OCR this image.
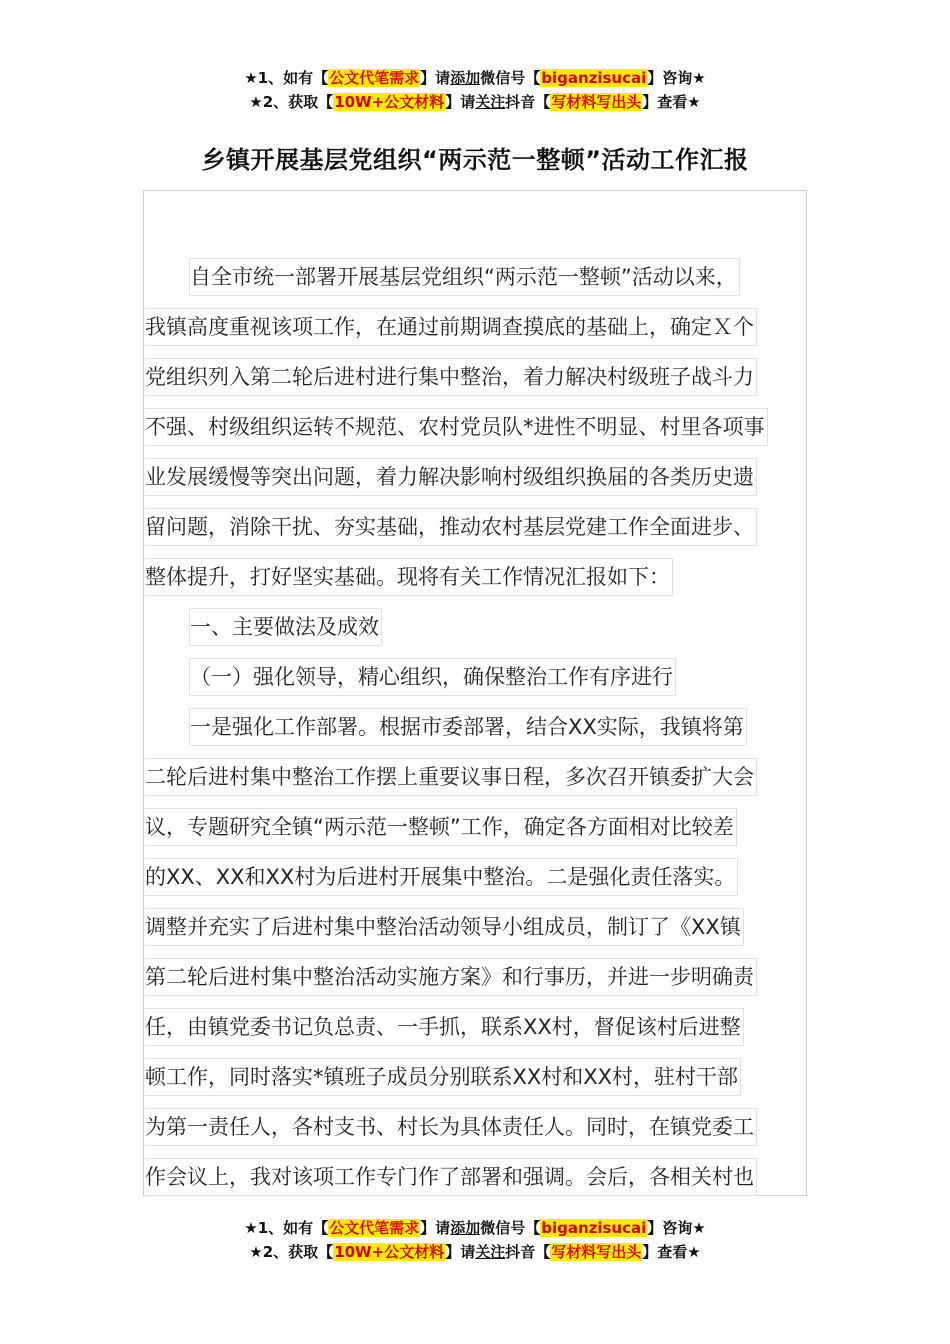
★1、如有【公文代笔需求】请添加微信号【biganzisucai】咨询★
★2、获取【10W+公文材料】请关注抖音【写材料写出头】查看★
乡镇开展基层党组织“两示范一整顿”活动工作汇报
自全市统一部署开展基层党组织“两示范一整顿”活动以来，
我镇高度重视该项工作，在通过前期调查摸底的基础上，确定Ｘ个
党组织列入第二轮后进村进行集中整治，着力解决村级班子战斗力
不强、村级组织运转不规范、农村党员队*进性不明显、村里各项事
业发展缓慢等突出问题，着力解决影响村级组织换届的各类历史遗
留问题，消除干扰、夯实基础，推动农村基层党建工作全面进步、
整体提升，打好坚实基础。现将有关工作情况汇报如下：
一、主要做法及成效
（一）强化领导，精心组织，确保整治工作有序进行
一是强化工作部署。根据市委部署，结合XX实际，我镇将第
二轮后进村集中整治工作摆上重要议事日程，多次召开镇委扩大会
议，专题研究全镇“两示范一整顿”工作，确定各方面相对比较差
的XX、XX和XX村为后进村开展集中整治。二是强化责任落实。
调整并充实了后进村集中整治活动领导小组成员，制订了《XX镇
第二轮后进村集中整治活动实施方案》和行事历，并进一步明确责
任，由镇党委书记负总责、一手抓，联系XX村，督促该村后进整
顿工作，同时落实*镇班子成员分别联系XX村和XX村，驻村干部
为第一责任人，各村支书、村长为具体责任人。同时，在镇党委工
作会议上，我对该项工作专门作了部署和强调。会后，各相关村也
★1、如有【公文代笔需求】请添加微信号【biganzisucai】咨询★
★2、获取【10W+公文材料】请关注抖音【写材料写出头】查看★
